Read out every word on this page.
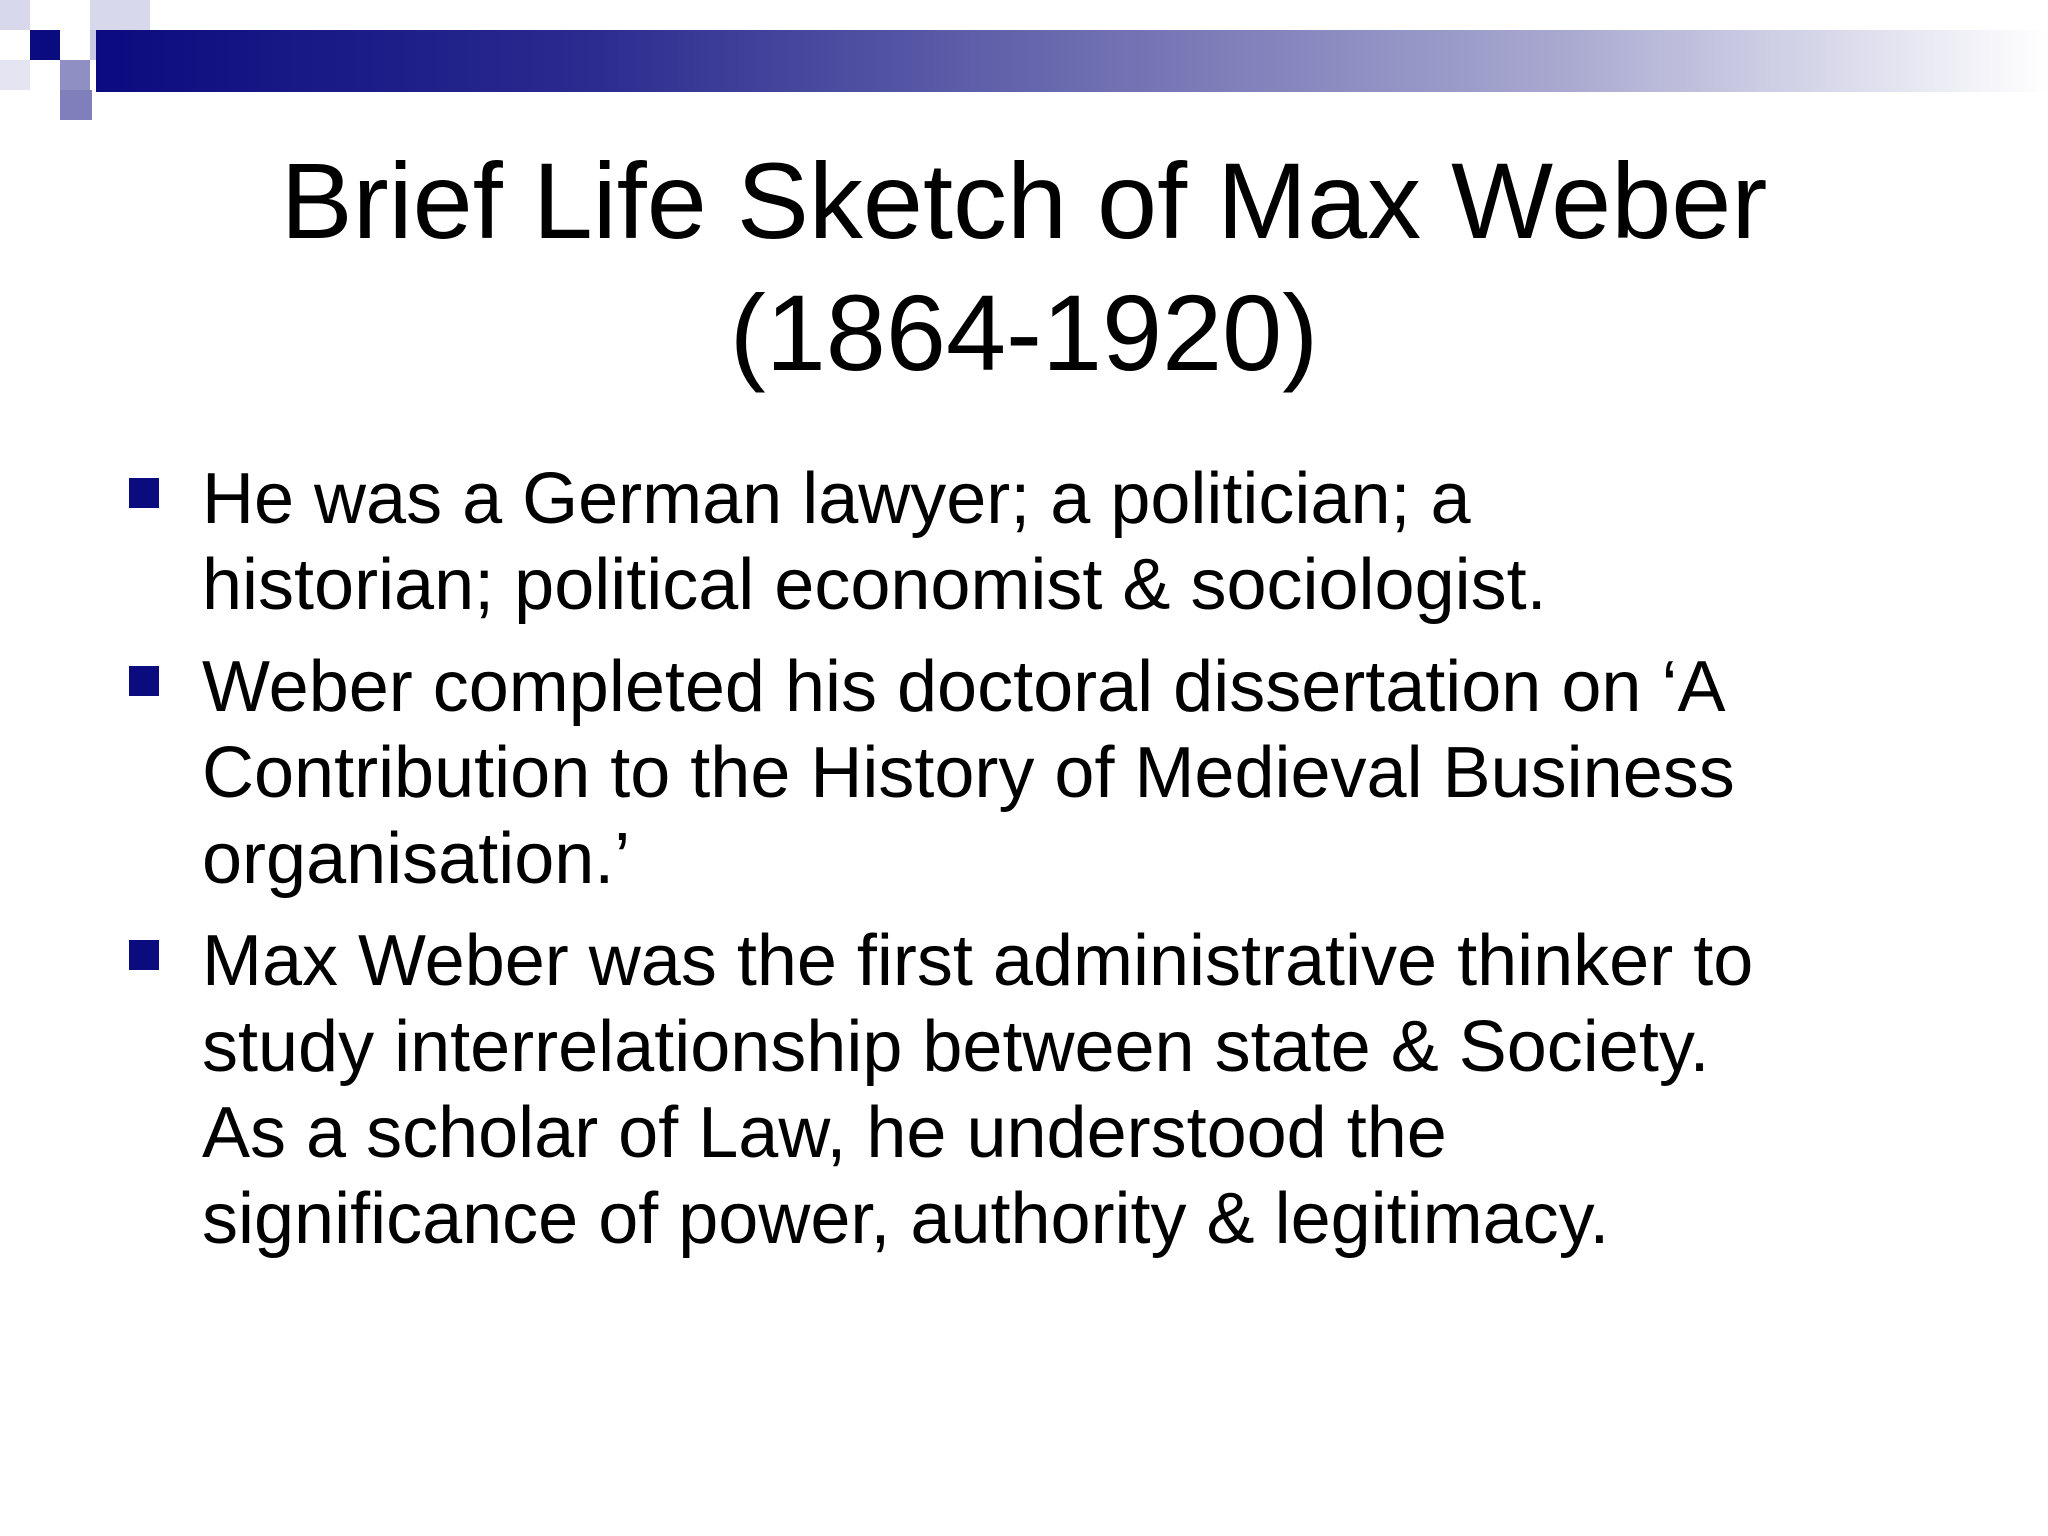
Brief Life Sketch of Max Weber
(1864-1920)
He was a German lawyer; a politician; a
historian; political economist & sociologist.
Weber completed his doctoral dissertation on ‘A
Contribution to the History of Medieval Business
organisation.’
Max Weber was the first administrative thinker to
study interrelationship between state & Society.
As a scholar of Law, he understood the
significance of power, authority & legitimacy.
